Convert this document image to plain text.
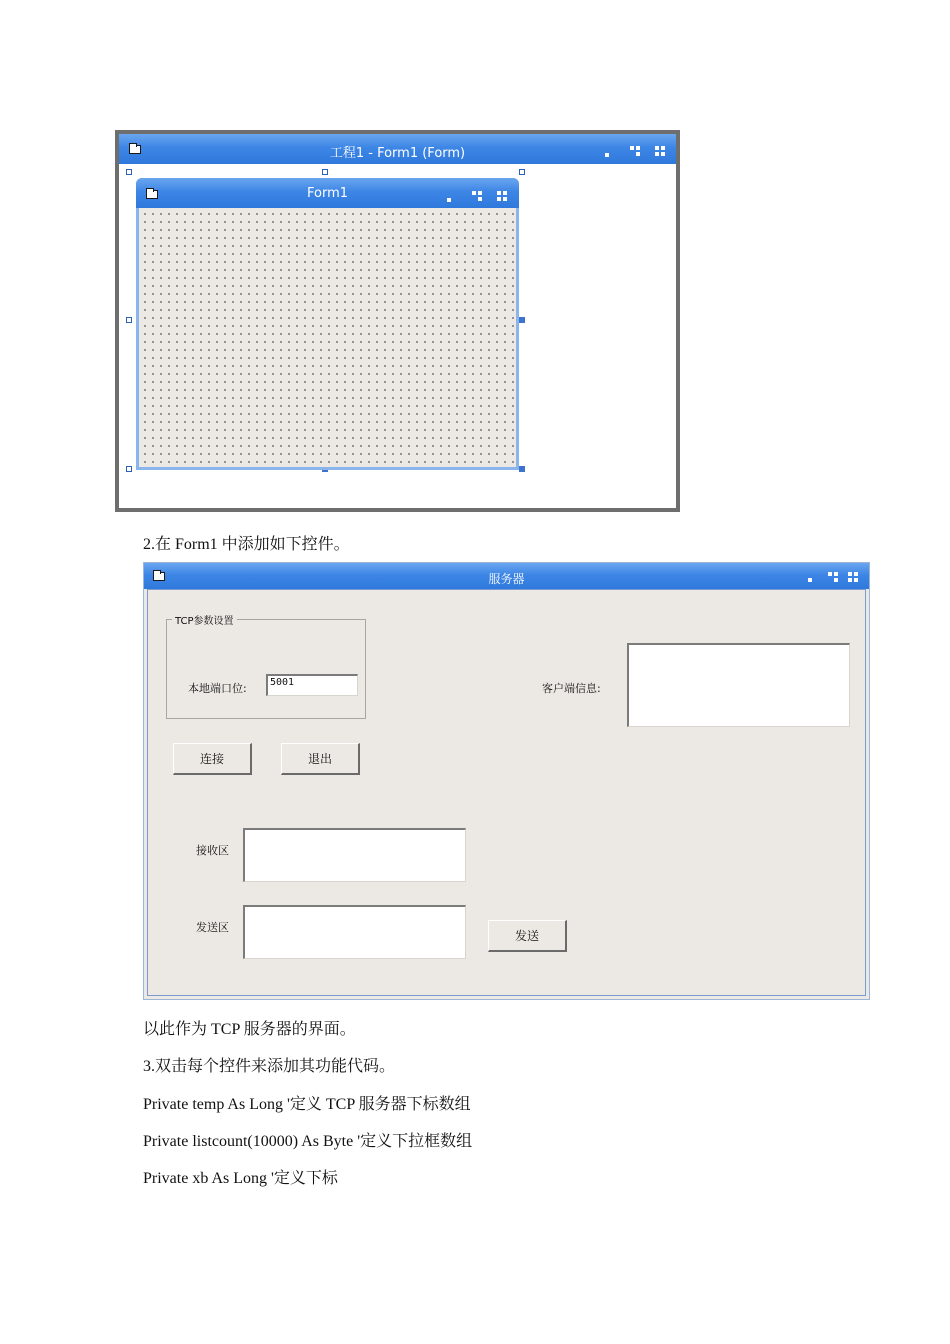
工程1 - Form1 (Form)
Form1
2.在 Form1 中添加如下控件。
服务器
TCP参数设置
本地端口位:	5001	客户端信息:
连接	退出
接收区
发送区
发送
以此作为 TCP 服务器的界面。
3.双击每个控件来添加其功能代码。
Private temp As Long '定义 TCP 服务器下标数组
Private listcount(10000) As Byte '定义下拉框数组
Private xb As Long '定义下标
